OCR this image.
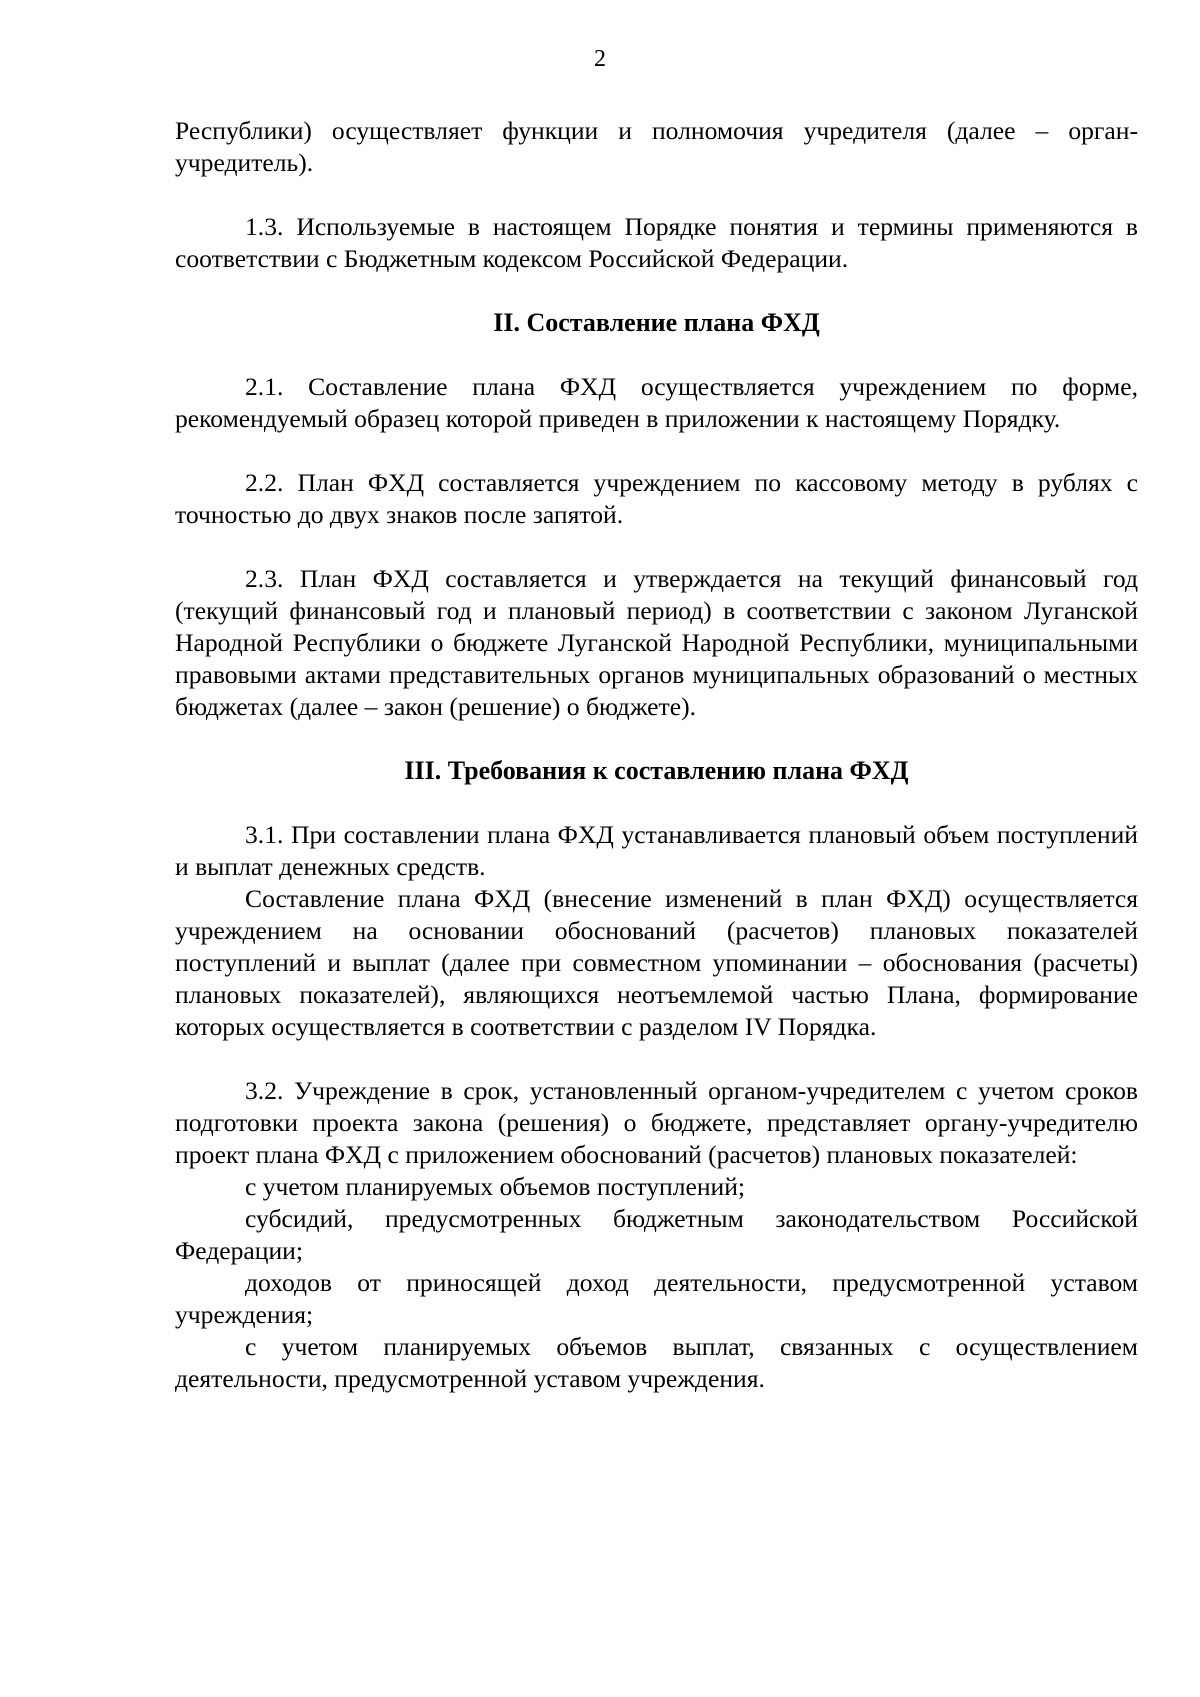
2

Республики) осуществляет функции и полномочия учредителя (далее – орган-учредитель).

1.3. Используемые в настоящем Порядке понятия и термины применяются в соответствии с Бюджетным кодексом Российской Федерации.

II. Составление плана ФХД

2.1. Составление плана ФХД осуществляется учреждением по форме, рекомендуемый образец которой приведен в приложении к настоящему Порядку.

2.2. План ФХД составляется учреждением по кассовому методу в рублях с точностью до двух знаков после запятой.

2.3. План ФХД составляется и утверждается на текущий финансовый год (текущий финансовый год и плановый период) в соответствии с законом Луганской Народной Республики о бюджете Луганской Народной Республики, муниципальными правовыми актами представительных органов муниципальных образований о местных бюджетах (далее – закон (решение) о бюджете).

III. Требования к составлению плана ФХД

3.1. При составлении плана ФХД устанавливается плановый объем поступлений и выплат денежных средств.

Составление плана ФХД (внесение изменений в план ФХД) осуществляется учреждением на основании обоснований (расчетов) плановых показателей поступлений и выплат (далее при совместном упоминании – обоснования (расчеты) плановых показателей), являющихся неотъемлемой частью Плана, формирование которых осуществляется в соответствии с разделом IV Порядка.

3.2. Учреждение в срок, установленный органом-учредителем с учетом сроков подготовки проекта закона (решения) о бюджете, представляет органу-учредителю проект плана ФХД с приложением обоснований (расчетов) плановых показателей:

с учетом планируемых объемов поступлений;

субсидий, предусмотренных бюджетным законодательством Российской Федерации;

доходов от приносящей доход деятельности, предусмотренной уставом учреждения;

с учетом планируемых объемов выплат, связанных с осуществлением деятельности, предусмотренной уставом учреждения.
